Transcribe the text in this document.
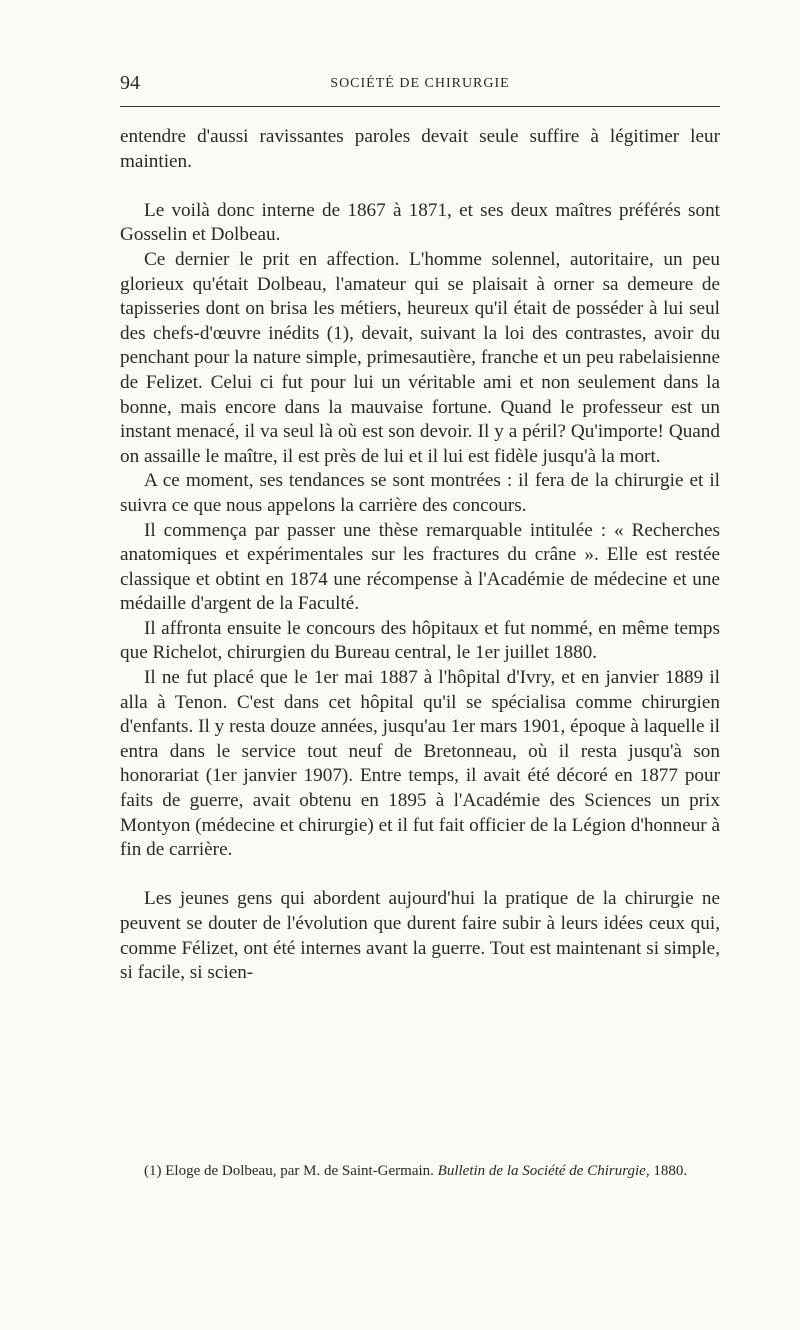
94	SOCIÉTÉ DE CHIRURGIE

entendre d'aussi ravissantes paroles devait seule suffire à légitimer leur maintien.

Le voilà donc interne de 1867 à 1871, et ses deux maîtres préférés sont Gosselin et Dolbeau.

Ce dernier le prit en affection. L'homme solennel, autoritaire, un peu glorieux qu'était Dolbeau, l'amateur qui se plaisait à orner sa demeure de tapisseries dont on brisa les métiers, heureux qu'il était de posséder à lui seul des chefs-d'œuvre inédits (1), devait, suivant la loi des contrastes, avoir du penchant pour la nature simple, primesautière, franche et un peu rabelaisienne de Felizet. Celui ci fut pour lui un véritable ami et non seulement dans la bonne, mais encore dans la mauvaise fortune. Quand le professeur est un instant menacé, il va seul là où est son devoir. Il y a péril? Qu'importe! Quand on assaille le maître, il est près de lui et il lui est fidèle jusqu'à la mort.

A ce moment, ses tendances se sont montrées : il fera de la chirurgie et il suivra ce que nous appelons la carrière des concours.

Il commença par passer une thèse remarquable intitulée : « Recherches anatomiques et expérimentales sur les fractures du crâne ». Elle est restée classique et obtint en 1874 une récompense à l'Académie de médecine et une médaille d'argent de la Faculté.

Il affronta ensuite le concours des hôpitaux et fut nommé, en même temps que Richelot, chirurgien du Bureau central, le 1er juillet 1880.

Il ne fut placé que le 1er mai 1887 à l'hôpital d'Ivry, et en janvier 1889 il alla à Tenon. C'est dans cet hôpital qu'il se spécialisa comme chirurgien d'enfants. Il y resta douze années, jusqu'au 1er mars 1901, époque à laquelle il entra dans le service tout neuf de Bretonneau, où il resta jusqu'à son honorariat (1er janvier 1907). Entre temps, il avait été décoré en 1877 pour faits de guerre, avait obtenu en 1895 à l'Académie des Sciences un prix Montyon (médecine et chirurgie) et il fut fait officier de la Légion d'honneur à fin de carrière.

Les jeunes gens qui abordent aujourd'hui la pratique de la chirurgie ne peuvent se douter de l'évolution que durent faire subir à leurs idées ceux qui, comme Félizet, ont été internes avant la guerre. Tout est maintenant si simple, si facile, si scien-

(1) Eloge de Dolbeau, par M. de Saint-Germain. Bulletin de la Société de Chirurgie, 1880.
